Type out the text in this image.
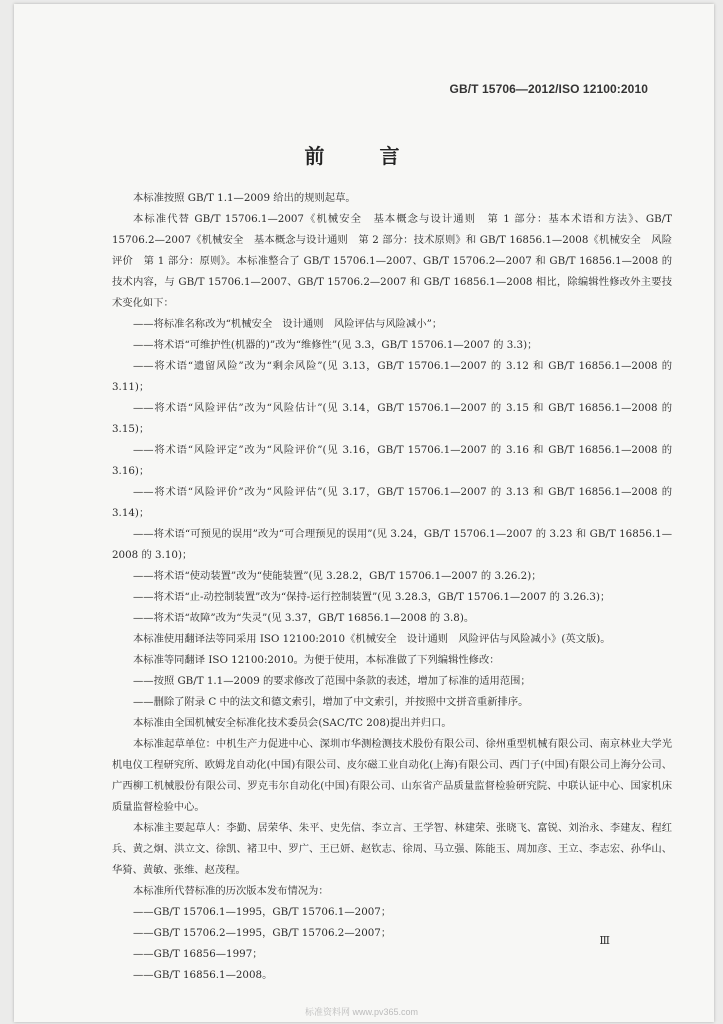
GB/T 15706—2012/ISO 12100:2010
前 言

本标准按照 GB/T 1.1—2009 给出的规则起草。

本标准代替 GB/T 15706.1—2007《机械安全　基本概念与设计通则　第 1 部分：基本术语和方法》、GB/T 15706.2—2007《机械安全　基本概念与设计通则　第 2 部分：技术原则》和 GB/T 16856.1—2008《机械安全　风险评价　第 1 部分：原则》。本标准整合了 GB/T 15706.1—2007、GB/T 15706.2—2007 和 GB/T 16856.1—2008 的技术内容，与 GB/T 15706.1—2007、GB/T 15706.2—2007 和 GB/T 16856.1—2008 相比，除编辑性修改外主要技术变化如下：

——将标准名称改为“机械安全　设计通则　风险评估与风险减小”；

——将术语“可维护性(机器的)”改为“维修性”(见 3.3，GB/T 15706.1—2007 的 3.3)；

——将术语“遗留风险”改为“剩余风险”(见 3.13，GB/T 15706.1—2007 的 3.12 和 GB/T 16856.1—2008 的 3.11)；

——将术语“风险评估”改为“风险估计”(见 3.14，GB/T 15706.1—2007 的 3.15 和 GB/T 16856.1—2008 的 3.15)；

——将术语“风险评定”改为“风险评价”(见 3.16，GB/T 15706.1—2007 的 3.16 和 GB/T 16856.1—2008 的 3.16)；

——将术语“风险评价”改为“风险评估”(见 3.17，GB/T 15706.1—2007 的 3.13 和 GB/T 16856.1—2008 的 3.14)；

——将术语“可预见的误用”改为“可合理预见的误用”(见 3.24，GB/T 15706.1—2007 的 3.23 和 GB/T 16856.1—2008 的 3.10)；

——将术语“使动装置”改为“使能装置”(见 3.28.2，GB/T 15706.1—2007 的 3.26.2)；

——将术语“止-动控制装置”改为“保持-运行控制装置”(见 3.28.3，GB/T 15706.1—2007 的 3.26.3)；

——将术语“故障”改为“失灵”(见 3.37，GB/T 16856.1—2008 的 3.8)。

本标准使用翻译法等同采用 ISO 12100:2010《机械安全　设计通则　风险评估与风险减小》(英文版)。

本标准等同翻译 ISO 12100:2010。为便于使用，本标准做了下列编辑性修改：

——按照 GB/T 1.1—2009 的要求修改了范围中条款的表述，增加了标准的适用范围；

——删除了附录 C 中的法文和德文索引，增加了中文索引，并按照中文拼音重新排序。

本标准由全国机械安全标准化技术委员会(SAC/TC 208)提出并归口。

本标准起草单位：中机生产力促进中心、深圳市华测检测技术股份有限公司、徐州重型机械有限公司、南京林业大学光机电仪工程研究所、欧姆龙自动化(中国)有限公司、皮尔磁工业自动化(上海)有限公司、西门子(中国)有限公司上海分公司、广西柳工机械股份有限公司、罗克韦尔自动化(中国)有限公司、山东省产品质量监督检验研究院、中联认证中心、国家机床质量监督检验中心。

本标准主要起草人：李勤、居荣华、朱平、史先信、李立言、王学智、林建荣、张晓飞、富锐、刘治永、李建友、程红兵、黄之炯、洪立文、徐凯、褚卫中、罗广、王已妍、赵钦志、徐周、马立强、陈能玉、周加彦、王立、李志宏、孙华山、华猗、黄敏、张维、赵茂程。

本标准所代替标准的历次版本发布情况为：

——GB/T 15706.1—1995，GB/T 15706.1—2007；

——GB/T 15706.2—1995，GB/T 15706.2—2007；

——GB/T 16856—1997；

——GB/T 16856.1—2008。

Ⅲ
标准资料网 www.pv365.com
